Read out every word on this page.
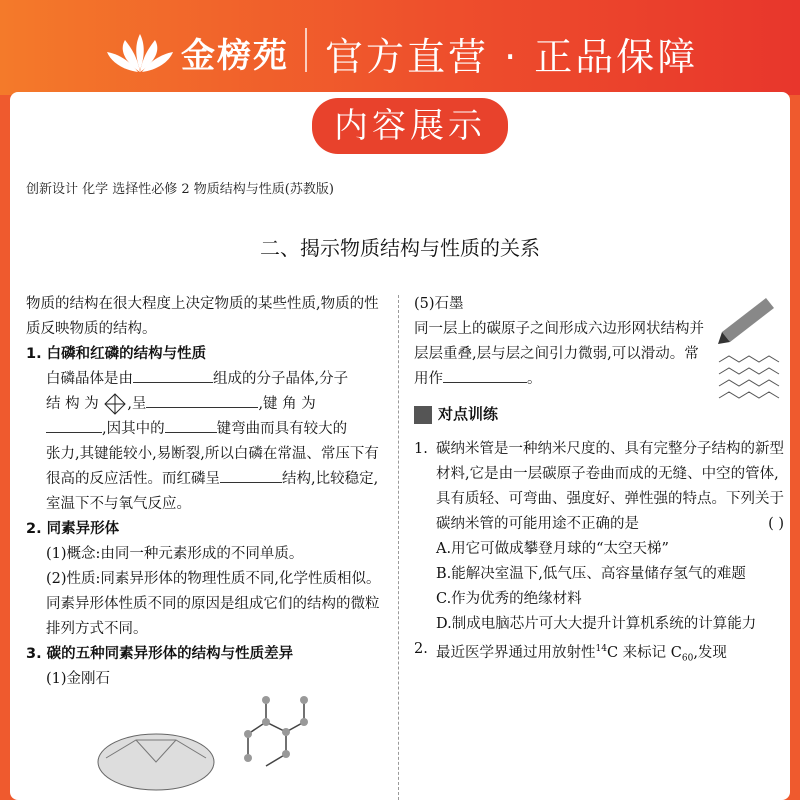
金榜苑 官方直营 · 正品保障
内容展示
创新设计 化学 选择性必修 2 物质结构与性质(苏教版)
二、揭示物质结构与性质的关系
物质的结构在很大程度上决定物质的某些性质,物质的性质反映物质的结构。
1. 白磷和红磷的结构与性质
白磷晶体是由	组成的分子晶体,分子
结 构 为 ,呈	,键 角 为
,因其中的	键弯曲而具有较大的
张力,其键能较小,易断裂,所以白磷在常温、常压下有很高的反应活性。而红磷呈	结构,比较稳定,室温下不与氧气反应。
2. 同素异形体
(1)概念:由同一种元素形成的不同单质。
(2)性质:同素异形体的物理性质不同,化学性质相似。同素异形体性质不同的原因是组成它们的结构的微粒排列方式不同。
3. 碳的五种同素异形体的结构与性质差异
(1)金刚石
(5)石墨
同一层上的碳原子之间形成六边形网状结构并层层重叠,层与层之间引力微弱,可以滑动。常用作	。
对点训练
1. 碳纳米管是一种纳米尺度的、具有完整分子结构的新型材料,它是由一层碳原子卷曲而成的无缝、中空的管体,具有质轻、可弯曲、强度好、弹性强的特点。下列关于碳纳米管的可能用途不正确的是	( )
A.用它可做成攀登月球的“太空天梯”
B.能解决室温下,低气压、高容量储存氢气的难题
C.作为优秀的绝缘材料
D.制成电脑芯片可大大提升计算机系统的计算能力
2. 最近医学界通过用放射性$^{14}$C 来标记 $C_{60}$,发现
